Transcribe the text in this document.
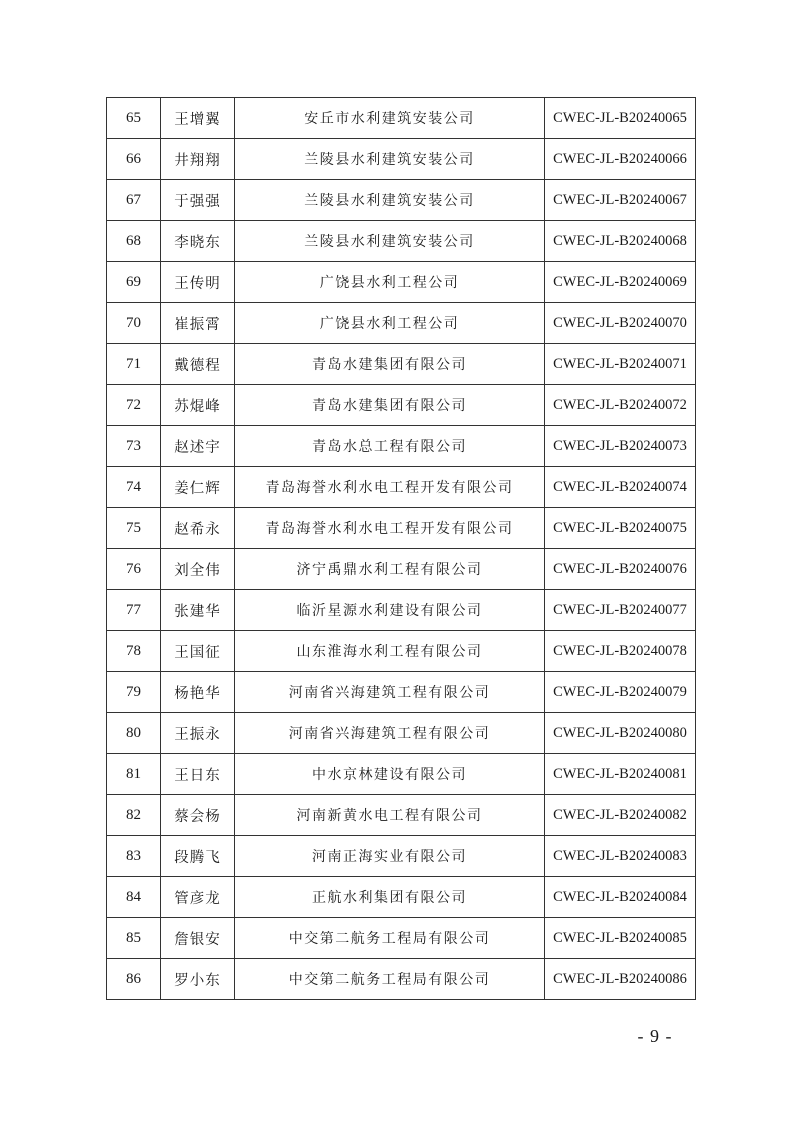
65	王增翼	安丘市水利建筑安装公司	CWEC-JL-B20240065
66	井翔翔	兰陵县水利建筑安装公司	CWEC-JL-B20240066
67	于强强	兰陵县水利建筑安装公司	CWEC-JL-B20240067
68	李晓东	兰陵县水利建筑安装公司	CWEC-JL-B20240068
69	王传明	广饶县水利工程公司	CWEC-JL-B20240069
70	崔振霄	广饶县水利工程公司	CWEC-JL-B20240070
71	戴德程	青岛水建集团有限公司	CWEC-JL-B20240071
72	苏焜峰	青岛水建集团有限公司	CWEC-JL-B20240072
73	赵述宇	青岛水总工程有限公司	CWEC-JL-B20240073
74	姜仁辉	青岛海誉水利水电工程开发有限公司	CWEC-JL-B20240074
75	赵希永	青岛海誉水利水电工程开发有限公司	CWEC-JL-B20240075
76	刘全伟	济宁禹鼎水利工程有限公司	CWEC-JL-B20240076
77	张建华	临沂星源水利建设有限公司	CWEC-JL-B20240077
78	王国征	山东淮海水利工程有限公司	CWEC-JL-B20240078
79	杨艳华	河南省兴海建筑工程有限公司	CWEC-JL-B20240079
80	王振永	河南省兴海建筑工程有限公司	CWEC-JL-B20240080
81	王日东	中水京林建设有限公司	CWEC-JL-B20240081
82	蔡会杨	河南新黄水电工程有限公司	CWEC-JL-B20240082
83	段腾飞	河南正海实业有限公司	CWEC-JL-B20240083
84	管彦龙	正航水利集团有限公司	CWEC-JL-B20240084
85	詹银安	中交第二航务工程局有限公司	CWEC-JL-B20240085
86	罗小东	中交第二航务工程局有限公司	CWEC-JL-B20240086
- 9 -
